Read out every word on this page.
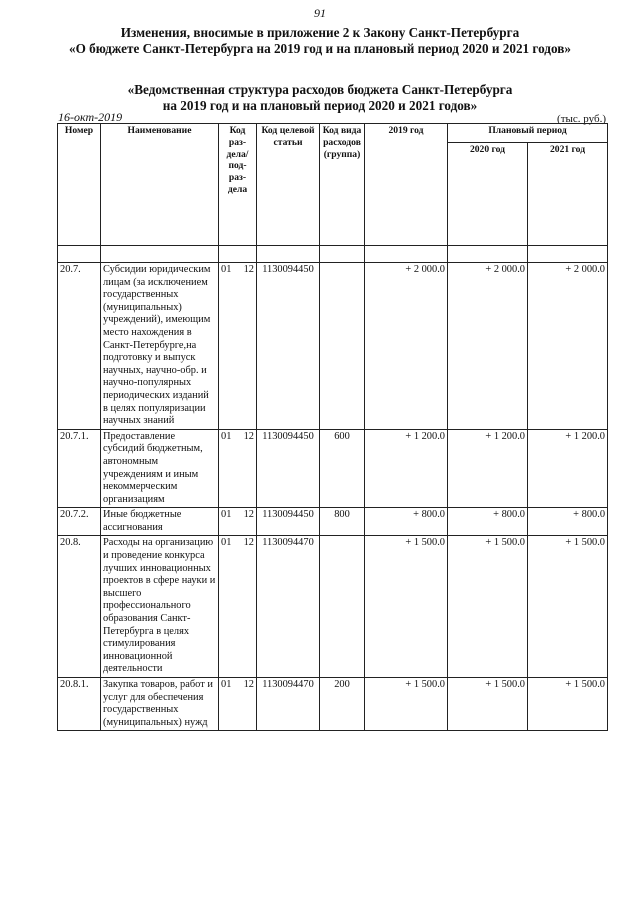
91
Изменения, вносимые в приложение 2 к Закону Санкт-Петербурга
«О бюджете Санкт-Петербурга на 2019 год и на плановый период 2020 и 2021 годов»
«Ведомственная структура расходов бюджета Санкт-Петербурга
на 2019 год и на плановый период 2020 и 2021 годов»
16-окт-2019	(тыс. руб.)
Номер	Наименование	Код раз-дела/ под-раз-дела	Код целевой статьи	Код вида расходов (группа)	2019 год	Плановый период	
						2020 год	2021 год

20.7.	Субсидии юридическим лицам (за исключением государственных (муниципальных) учреждений), имеющим место нахождения в Санкт-Петербурге,на подготовку и выпуск научных, научно-обр. и научно-популярных периодических изданий в целях популяризации научных знаний	01 12	1130094450		+ 2 000.0	+ 2 000.0	+ 2 000.0
20.7.1.	Предоставление субсидий бюджетным, автономным учреждениям и иным некоммерческим организациям	01 12	1130094450	600	+ 1 200.0	+ 1 200.0	+ 1 200.0
20.7.2.	Иные бюджетные ассигнования	01 12	1130094450	800	+ 800.0	+ 800.0	+ 800.0
20.8.	Расходы на организацию и проведение конкурса лучших инновационных проектов в сфере науки и высшего профессионального образования Санкт-Петербурга в целях стимулирования инновационной деятельности	01 12	1130094470		+ 1 500.0	+ 1 500.0	+ 1 500.0
20.8.1.	Закупка товаров, работ и услуг для обеспечения государственных (муниципальных) нужд	01 12	1130094470	200	+ 1 500.0	+ 1 500.0	+ 1 500.0
